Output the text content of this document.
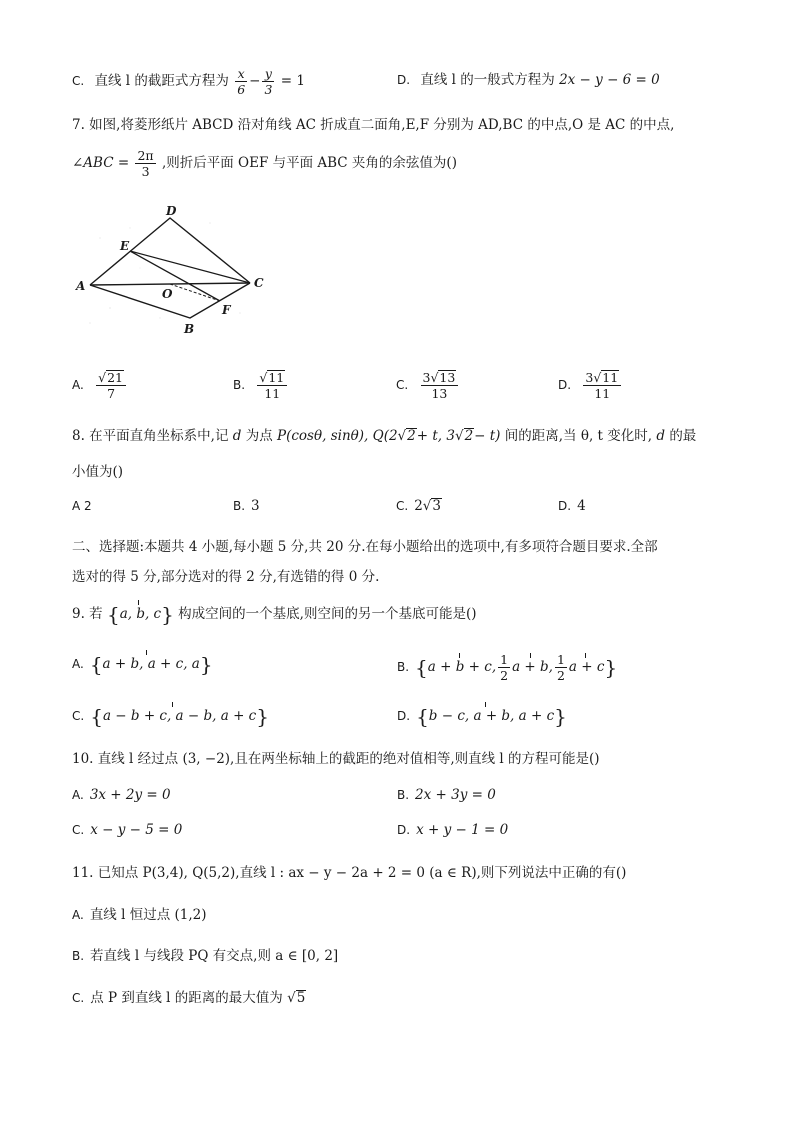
C. 直线 l 的截距式方程为 $\frac{x}{6} - \frac{y}{3} = 1$	D. 直线 l 的一般式方程为 2x − y − 6 = 0
7. 如图,将菱形纸片 ABCD 沿对角线 AC 折成直二面角,E,F 分别为 AD,BC 的中点,O 是 AC 的中点,
∠ABC = $\frac{2\pi}{3}$ ,则折后平面 OEF 与平面 ABC 夹角的余弦值为()
A
D
E
C
O
F
B
A. $\frac{√21}{7}$	B. $\frac{√11}{11}$	C. $\frac{3√13}{13}$	D. $\frac{3√11}{11}$
8. 在平面直角坐标系中,记 d 为点 P(cosθ, sinθ), Q(2√2+ t, 3√2− t) 间的距离,当 θ, t 变化时, d 的最
小值为()
A 2	B. 3	C. 2√3	D. 4
二、选择题:本题共 4 小题,每小题 5 分,共 20 分.在每小题给出的选项中,有多项符合题目要求.全部
选对的得 5 分,部分选对的得 2 分,有选错的得 0 分.
9. 若 {a, b, c} 构成空间的一个基底,则空间的另一个基底可能是()
A. {a + b, a + c, a}	B. {a + b + c, $\frac{1}{2}$ a + b, $\frac{1}{2}$ a + c}
C. {a − b + c, a − b, a + c}	D. {b − c, a + b, a + c}
10. 直线 l 经过点 (3, −2),且在两坐标轴上的截距的绝对值相等,则直线 l 的方程可能是()
A. 3x + 2y = 0	B. 2x + 3y = 0
C. x − y − 5 = 0	D. x + y − 1 = 0
11. 已知点 P(3,4), Q(5,2),直线 l : ax − y − 2a + 2 = 0 (a ∈ R),则下列说法中正确的有()
A. 直线 l 恒过点 (1,2)
B. 若直线 l 与线段 PQ 有交点,则 a ∈ [0, 2]
C. 点 P 到直线 l 的距离的最大值为 √5
